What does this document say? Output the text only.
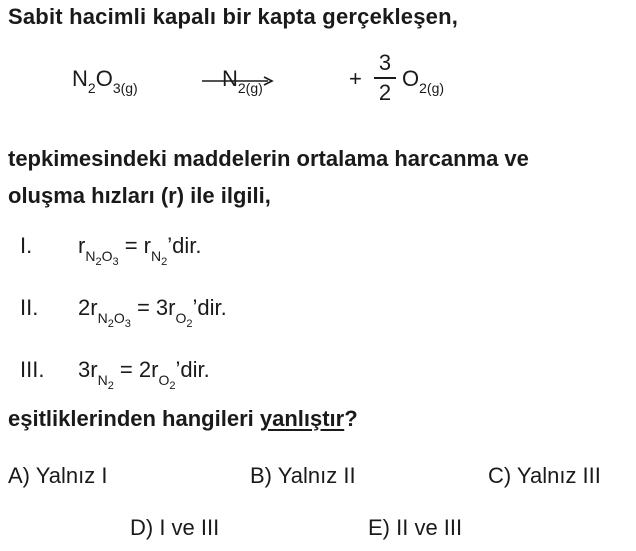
Sabit hacimli kapalı bir kapta gerçekleşen,
$N_2O_{3(g)}$	$N_{2(g)}$	+
3
2
$O_{2(g)}$
tepkimesindeki maddelerin ortalama harcanma ve
oluşma hızları (r) ile ilgili,
I. $r_{N_2O_3}$ = $r_{N_2}’dir$.
II. $2r_{N_2O_3}$ = $3r_{O_2}’dir$.
III. $3r_{N_2}$ = $2r_{O_2}’dir$.
eşitliklerinden hangileri yanlıştır?
A) Yalnız I	B) Yalnız II	C) Yalnız III
D) I ve III	E) II ve III
